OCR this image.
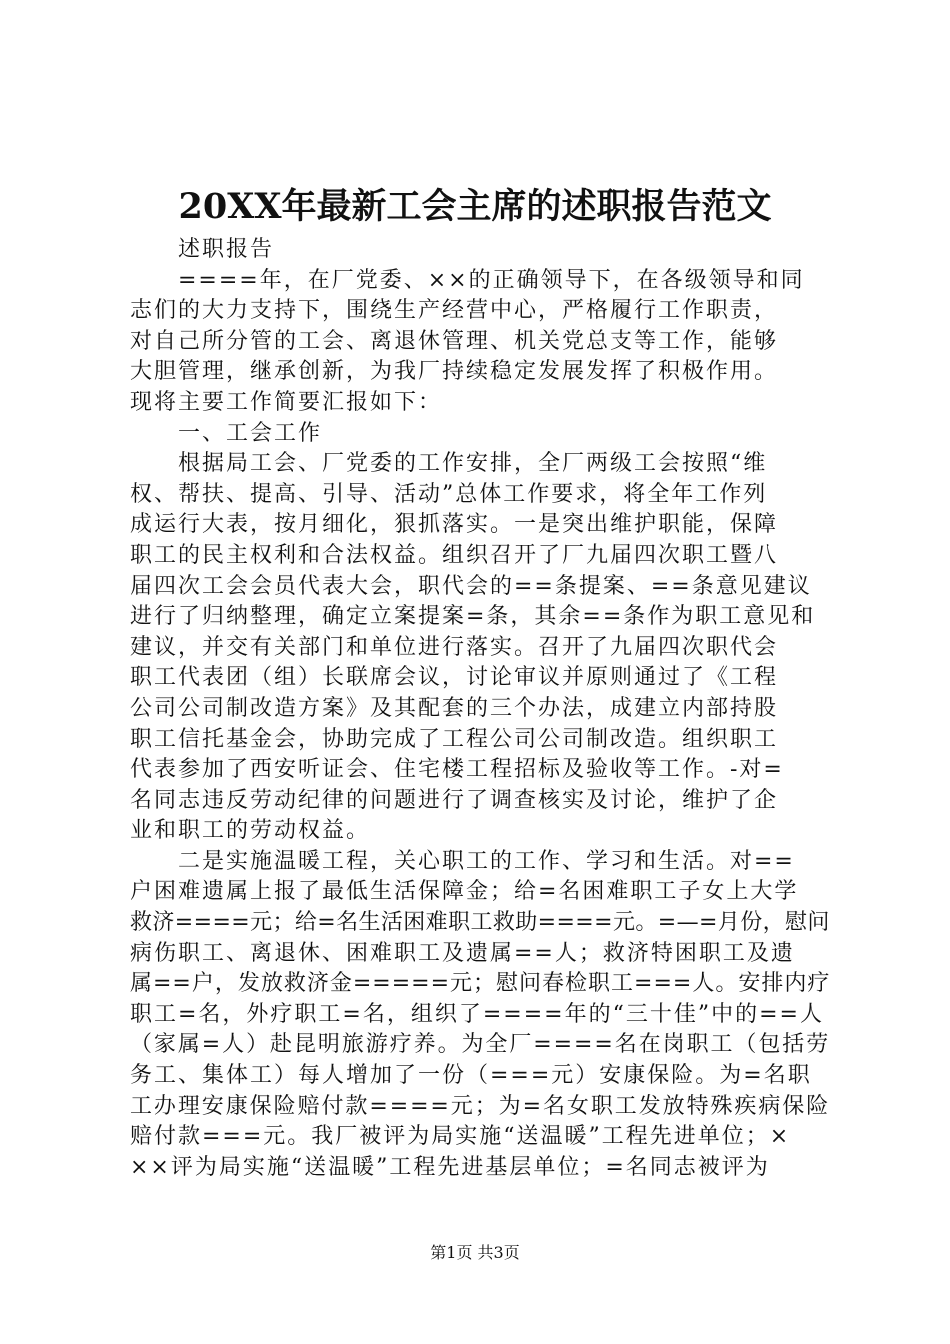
20XX年最新工会主席的述职报告范文
　　述职报告
　　====年，在厂党委、××的正确领导下，在各级领导和同
志们的大力支持下，围绕生产经营中心，严格履行工作职责，
对自己所分管的工会、离退休管理、机关党总支等工作，能够
大胆管理，继承创新，为我厂持续稳定发展发挥了积极作用。
现将主要工作简要汇报如下：
　　一、工会工作
　　根据局工会、厂党委的工作安排，全厂两级工会按照“维
权、帮扶、提高、引导、活动”总体工作要求，将全年工作列
成运行大表，按月细化，狠抓落实。一是突出维护职能，保障
职工的民主权利和合法权益。组织召开了厂九届四次职工暨八
届四次工会会员代表大会，职代会的==条提案、==条意见建议
进行了归纳整理，确定立案提案=条，其余==条作为职工意见和
建议，并交有关部门和单位进行落实。召开了九届四次职代会
职工代表团（组）长联席会议，讨论审议并原则通过了《工程
公司公司制改造方案》及其配套的三个办法，成建立内部持股
职工信托基金会，协助完成了工程公司公司制改造。组织职工
代表参加了西安听证会、住宅楼工程招标及验收等工作。-对=
名同志违反劳动纪律的问题进行了调查核实及讨论，维护了企
业和职工的劳动权益。
　　二是实施温暖工程，关心职工的工作、学习和生活。对==
户困难遗属上报了最低生活保障金；给=名困难职工子女上大学
救济====元；给=名生活困难职工救助====元。=—=月份，慰问
病伤职工、离退休、困难职工及遗属==人；救济特困职工及遗
属==户，发放救济金=====元；慰问春检职工===人。安排内疗
职工=名，外疗职工=名，组织了====年的“三十佳”中的==人
（家属=人）赴昆明旅游疗养。为全厂====名在岗职工（包括劳
务工、集体工）每人增加了一份（===元）安康保险。为=名职
工办理安康保险赔付款====元；为=名女职工发放特殊疾病保险
赔付款===元。我厂被评为局实施“送温暖”工程先进单位；×
××评为局实施“送温暖”工程先进基层单位；=名同志被评为
第1页 共3页
